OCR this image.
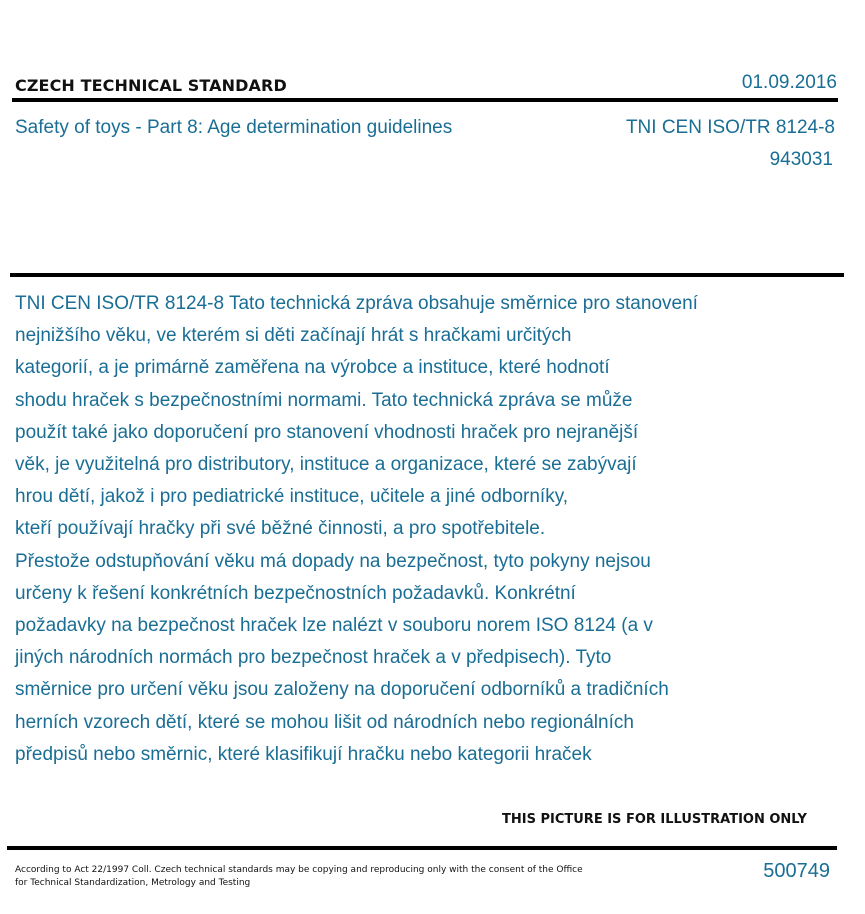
CZECH TECHNICAL STANDARD	01.09.2016
Safety of toys - Part 8: Age determination guidelines	TNI CEN ISO/TR 8124-8
943031
TNI CEN ISO/TR 8124-8 Tato technická zpráva obsahuje směrnice pro stanovení
nejnižšího věku, ve kterém si děti začínají hrát s hračkami určitých
kategorií, a je primárně zaměřena na výrobce a instituce, které hodnotí
shodu hraček s bezpečnostními normami. Tato technická zpráva se může
použít také jako doporučení pro stanovení vhodnosti hraček pro nejranější
věk, je využitelná pro distributory, instituce a organizace, které se zabývají
hrou dětí, jakož i pro pediatrické instituce, učitele a jiné odborníky,
kteří používají hračky při své běžné činnosti, a pro spotřebitele.
Přestože odstupňování věku má dopady na bezpečnost, tyto pokyny nejsou
určeny k řešení konkrétních bezpečnostních požadavků. Konkrétní
požadavky na bezpečnost hraček lze nalézt v souboru norem ISO 8124 (a v
jiných národních normách pro bezpečnost hraček a v předpisech). Tyto
směrnice pro určení věku jsou založeny na doporučení odborníků a tradičních
herních vzorech dětí, které se mohou lišit od národních nebo regionálních
předpisů nebo směrnic, které klasifikují hračku nebo kategorii hraček
THIS PICTURE IS FOR ILLUSTRATION ONLY
According to Act 22/1997 Coll. Czech technical standards may be copying and reproducing only with the consent of the Office
for Technical Standardization, Metrology and Testing
500749
